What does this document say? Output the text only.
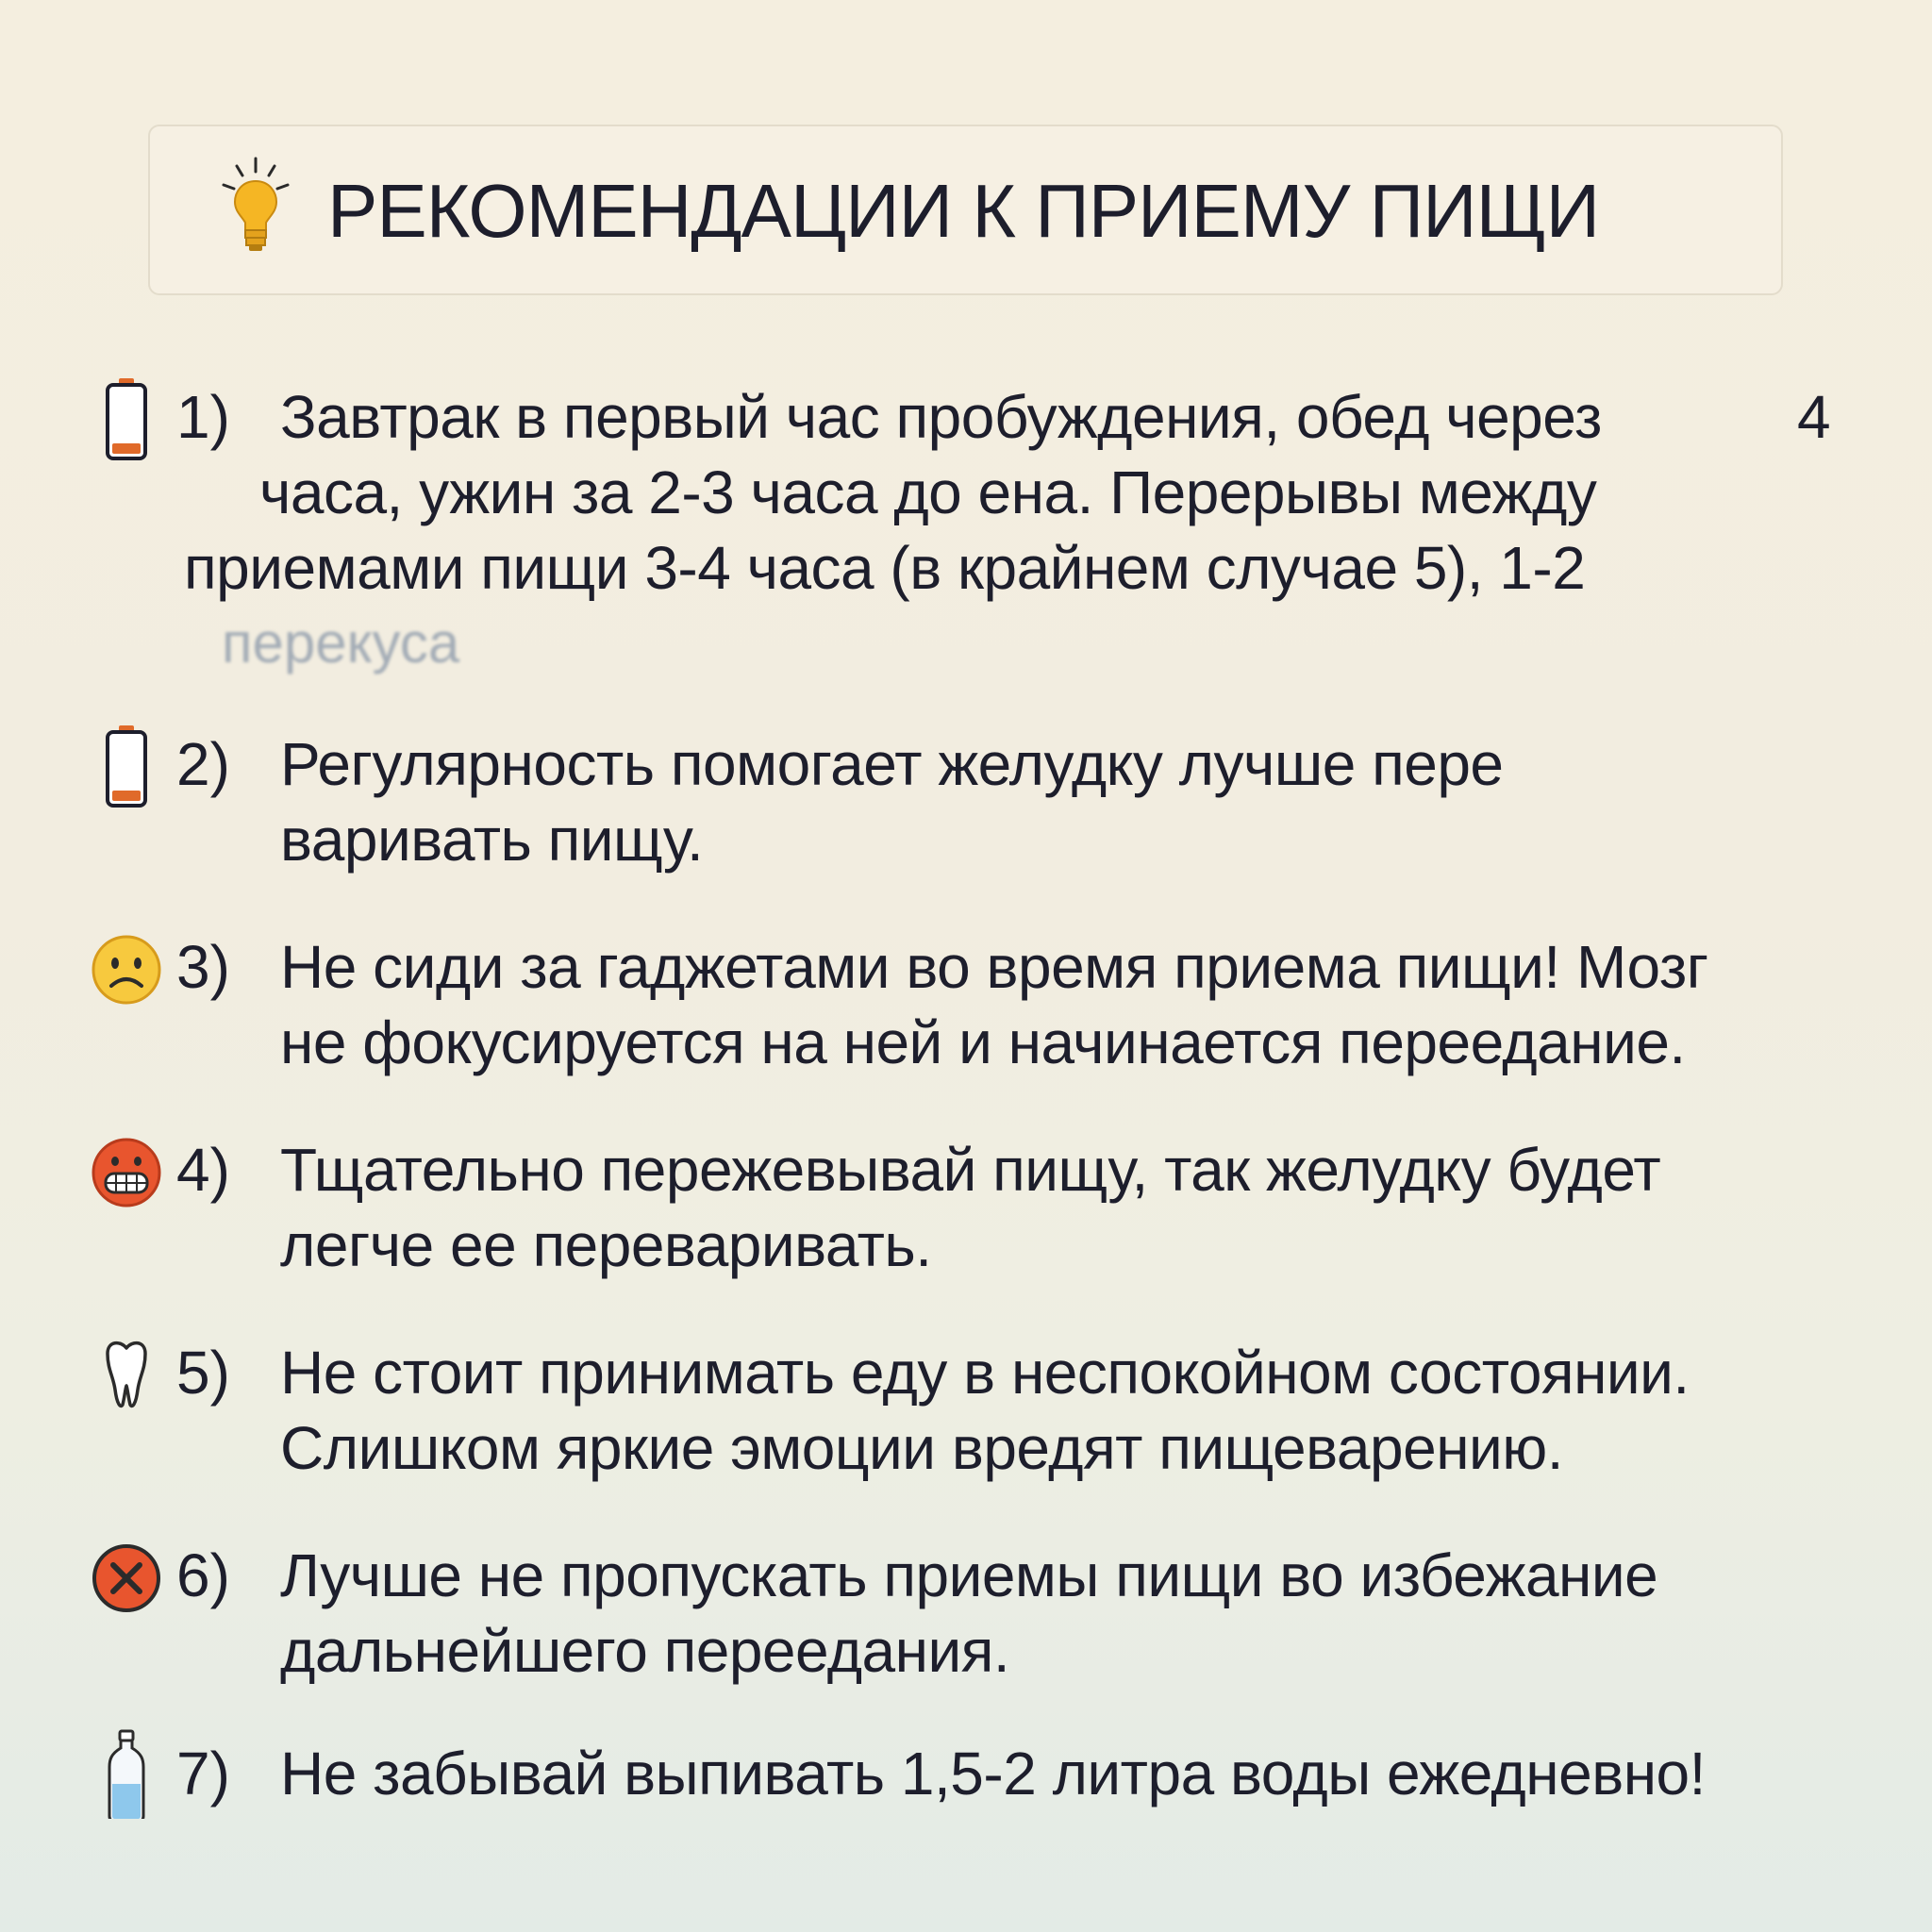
РЕКОМЕНДАЦИИ К ПРИЕМУ ПИЩИ
1) Завтрак в первый час пробуждения, обед через	4
часа, ужин за 2-3 часа до ена. Перерывы между
приемами пищи 3-4 часа (в крайнем случае 5), 1-2
перекуса
2) Регулярность помогает желудку лучше пере
варивать пищу.
3) Не сиди за гаджетами во время приема пищи! Мозг
не фокусируется на ней и начинается переедание.
4) Тщательно пережевывай пищу, так желудку будет
легче ее переваривать.
5) Не стоит принимать еду в неспокойном состоянии.
Слишком яркие эмоции вредят пищеварению.
6) Лучше не пропускать приемы пищи во избежание
дальнейшего переедания.
7) Не забывай выпивать 1,5-2 литра воды ежедневно!
